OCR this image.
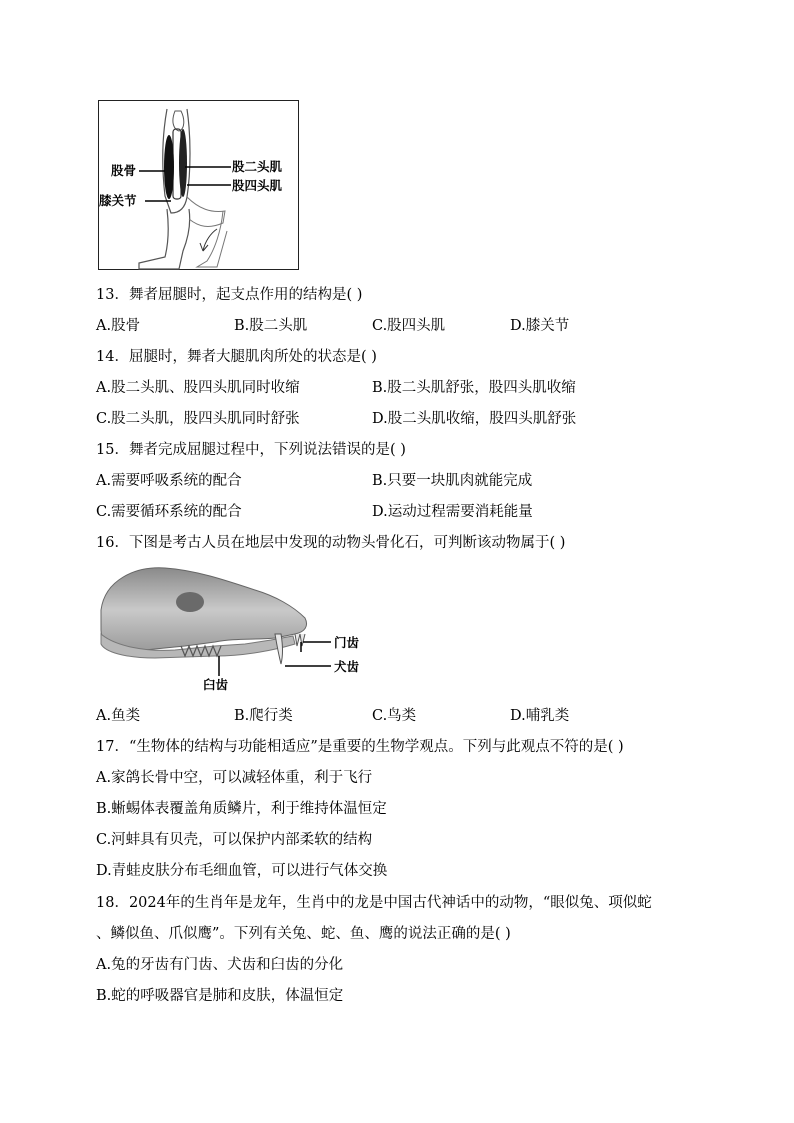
股骨	股二头肌
股四头肌
膝关节
13．舞者屈腿时，起支点作用的结构是( )
A.股骨	B.股二头肌	C.股四头肌	D.膝关节
14．屈腿时，舞者大腿肌肉所处的状态是( )
A.股二头肌、股四头肌同时收缩	B.股二头肌舒张，股四头肌收缩
C.股二头肌，股四头肌同时舒张	D.股二头肌收缩，股四头肌舒张
15．舞者完成屈腿过程中，下列说法错误的是( )
A.需要呼吸系统的配合	B.只要一块肌肉就能完成
C.需要循环系统的配合	D.运动过程需要消耗能量
16．下图是考古人员在地层中发现的动物头骨化石，可判断该动物属于( )
门齿
犬齿
臼齿
A.鱼类	B.爬行类	C.鸟类	D.哺乳类
17．“生物体的结构与功能相适应”是重要的生物学观点。下列与此观点不符的是( )
A.家鸽长骨中空，可以减轻体重，利于飞行
B.蜥蜴体表覆盖角质鳞片，利于维持体温恒定
C.河蚌具有贝壳，可以保护内部柔软的结构
D.青蛙皮肤分布毛细血管，可以进行气体交换
18．2024年的生肖年是龙年，生肖中的龙是中国古代神话中的动物，“眼似兔、项似蛇
、鳞似鱼、爪似鹰”。下列有关兔、蛇、鱼、鹰的说法正确的是( )
A.兔的牙齿有门齿、犬齿和臼齿的分化
B.蛇的呼吸器官是肺和皮肤，体温恒定
